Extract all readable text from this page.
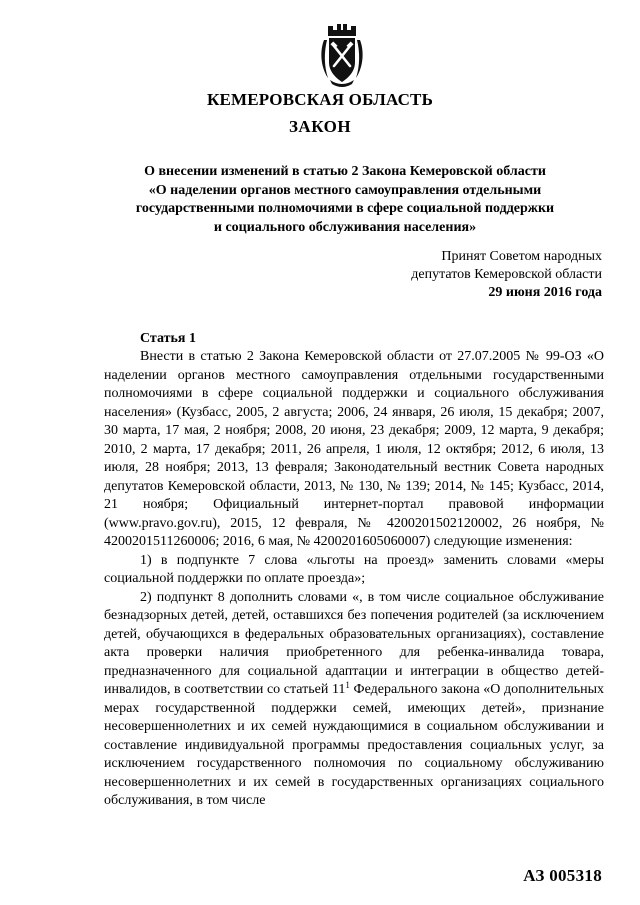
КЕМЕРОВСКАЯ ОБЛАСТЬ
ЗАКОН
О внесении изменений в статью 2 Закона Кемеровской области
«О наделении органов местного самоуправления отдельными
государственными полномочиями в сфере социальной поддержки
и социального обслуживания населения»
Принят Советом народных
депутатов Кемеровской области
29 июня 2016 года
Статья 1

Внести в статью 2 Закона Кемеровской области от 27.07.2005 № 99-ОЗ «О наделении органов местного самоуправления отдельными государственными полномочиями в сфере социальной поддержки и социального обслуживания населения» (Кузбасс, 2005, 2 августа; 2006, 24 января, 26 июля, 15 декабря; 2007, 30 марта, 17 мая, 2 ноября; 2008, 20 июня, 23 декабря; 2009, 12 марта, 9 декабря; 2010, 2 марта, 17 декабря; 2011, 26 апреля, 1 июля, 12 октября; 2012, 6 июля, 13 июля, 28 ноября; 2013, 13 февраля; Законодательный вестник Совета народных депутатов Кемеровской области, 2013, № 130, № 139; 2014, № 145; Кузбасс, 2014, 21 ноября; Официальный интернет-портал правовой информации (www.pravo.gov.ru), 2015, 12 февраля, № 4200201502120002, 26 ноября, № 4200201511260006; 2016, 6 мая, № 4200201605060007) следующие изменения:

1) в подпункте 7 слова «льготы на проезд» заменить словами «меры социальной поддержки по оплате проезда»;

2) подпункт 8 дополнить словами «, в том числе социальное обслуживание безнадзорных детей, детей, оставшихся без попечения родителей (за исключением детей, обучающихся в федеральных образовательных организациях), составление акта проверки наличия приобретенного для ребенка-инвалида товара, предназначенного для социальной адаптации и интеграции в общество детей-инвалидов, в соответствии со статьей $11^1$ Федерального закона «О дополнительных мерах государственной поддержки семей, имеющих детей», признание несовершеннолетних и их семей нуждающимися в социальном обслуживании и составление индивидуальной программы предоставления социальных услуг, за исключением государственного полномочия по социальному обслуживанию несовершеннолетних и их семей в государственных организациях социального обслуживания, в том числе

АЗ 005318
